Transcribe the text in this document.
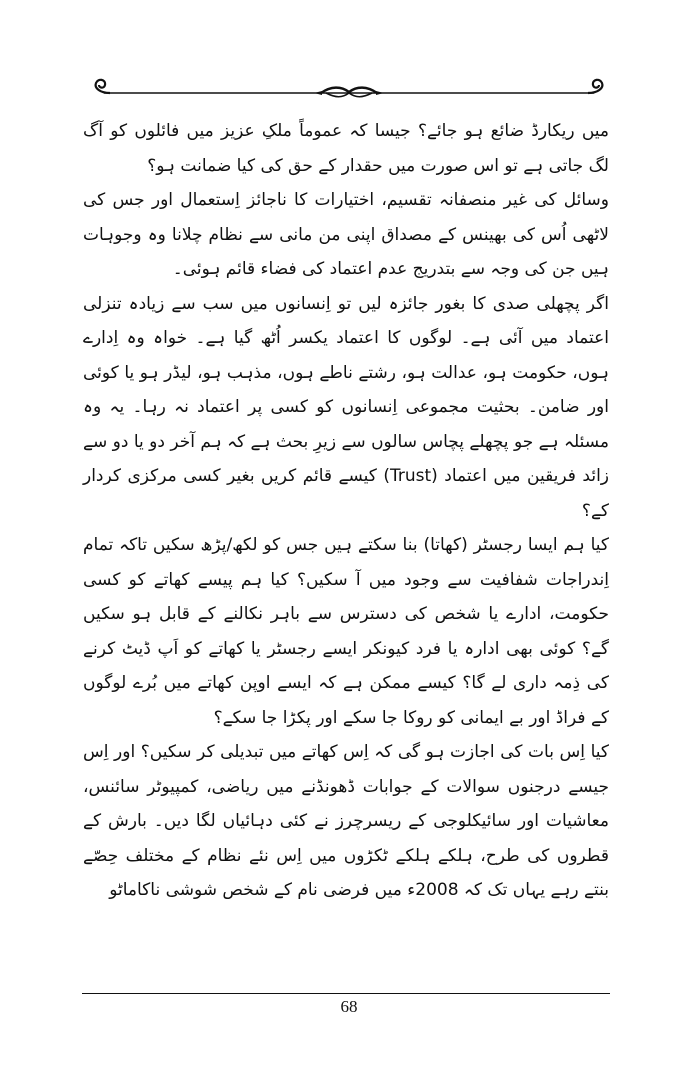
میں ریکارڈ ضائع ہو جائے؟ جیسا کہ عموماً ملکِ عزیز میں فائلوں کو آگ لگ جاتی ہے تو اس صورت میں حقدار کے حق کی کیا ضمانت ہو؟

وسائل کی غیر منصفانہ تقسیم، اختیارات کا ناجائز اِستعمال اور جس کی لاٹھی اُس کی بھینس کے مصداق اپنی من مانی سے نظام چلانا وہ وجوہات ہیں جن کی وجہ سے بتدریج عدم اعتماد کی فضاء قائم ہوئی۔

اگر پچھلی صدی کا بغور جائزہ لیں تو اِنسانوں میں سب سے زیادہ تنزلی اعتماد میں آئی ہے۔ لوگوں کا اعتماد یکسر اُٹھ گیا ہے۔ خواہ وہ اِدارے ہوں، حکومت ہو، عدالت ہو، رشتے ناطے ہوں، مذہب ہو، لیڈر ہو یا کوئی اور ضامن۔ بحثیت مجموعی اِنسانوں کو کسی پر اعتماد نہ رہا۔ یہ وہ مسئلہ ہے جو پچھلے پچاس سالوں سے زیرِ بحث ہے کہ ہم آخر دو یا دو سے زائد فریقین میں اعتماد (Trust) کیسے قائم کریں بغیر کسی مرکزی کردار کے؟

کیا ہم ایسا رجسٹر (کھاتا) بنا سکتے ہیں جس کو لکھ/پڑھ سکیں تاکہ تمام اِندراجات شفافیت سے وجود میں آ سکیں؟ کیا ہم پیسے کھاتے کو کسی حکومت، ادارے یا شخص کی دسترس سے باہر نکالنے کے قابل ہو سکیں گے؟ کوئی بھی ادارہ یا فرد کیونکر ایسے رجسٹر یا کھاتے کو اَپ ڈیٹ کرنے کی ذِمہ داری لے گا؟ کیسے ممکن ہے کہ ایسے اوپن کھاتے میں بُرے لوگوں کے فراڈ اور بے ایمانی کو روکا جا سکے اور پکڑا جا سکے؟

کیا اِس بات کی اجازت ہو گی کہ اِس کھاتے میں تبدیلی کر سکیں؟ اور اِس جیسے درجنوں سوالات کے جوابات ڈھونڈنے میں ریاضی، کمپیوٹر سائنس، معاشیات اور سائیکلوجی کے ریسرچرز نے کئی دہائیاں لگا دیں۔ بارش کے قطروں کی طرح، ہلکے ہلکے ٹکڑوں میں اِس نئے نظام کے مختلف حِصّے بنتے رہے یہاں تک کہ 2008ء میں فرضی نام کے شخص شوشی ناکاماٹو

68
